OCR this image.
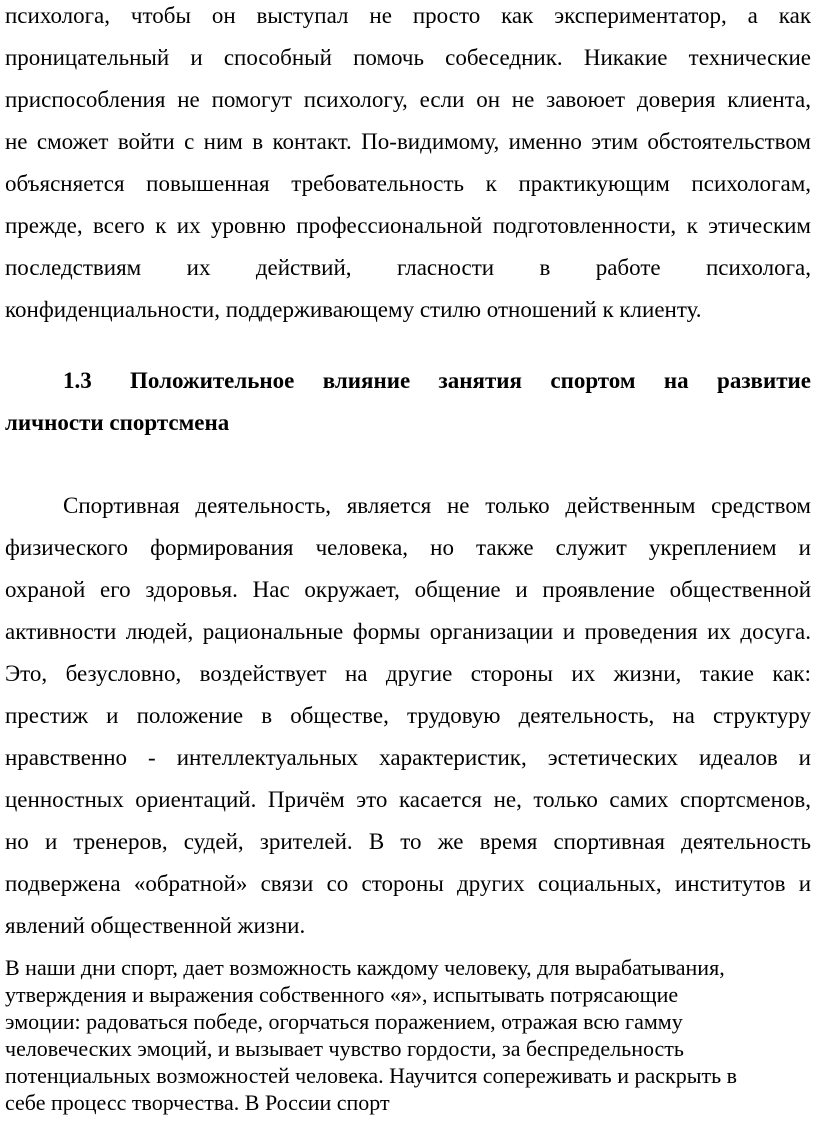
психолога, чтобы он выступал не просто как экспериментатор, а как
проницательный и способный помочь собеседник. Никакие технические
приспособления не помогут психологу, если он не завоюет доверия клиента,
не сможет войти с ним в контакт. По-видимому, именно этим обстоятельством
объясняется повышенная требовательность к практикующим психологам,
прежде, всего к их уровню профессиональной подготовленности, к этическим
последствиям их действий, гласности в работе психолога,
конфиденциальности, поддерживающему стилю отношений к клиенту.
1.3 Положительное влияние занятия спортом на развитие
личности спортсмена
Спортивная деятельность, является не только действенным средством
физического формирования человека, но также служит укреплением и
охраной его здоровья. Нас окружает, общение и проявление общественной
активности людей, рациональные формы организации и проведения их досуга.
Это, безусловно, воздействует на другие стороны их жизни, такие как:
престиж и положение в обществе, трудовую деятельность, на структуру
нравственно - интеллектуальных характеристик, эстетических идеалов и
ценностных ориентаций. Причём это касается не, только самих спортсменов,
но и тренеров, судей, зрителей. В то же время спортивная деятельность
подвержена «обратной» связи со стороны других социальных, институтов и
явлений общественной жизни.
В наши дни спорт, дает возможность каждому человеку, для вырабатывания,
утверждения и выражения собственного «я», испытывать потрясающие
эмоции: радоваться победе, огорчаться поражением, отражая всю гамму
человеческих эмоций, и вызывает чувство гордости, за беспредельность
потенциальных возможностей человека. Научится сопереживать и раскрыть в
себе процесс творчества. В России спорт
